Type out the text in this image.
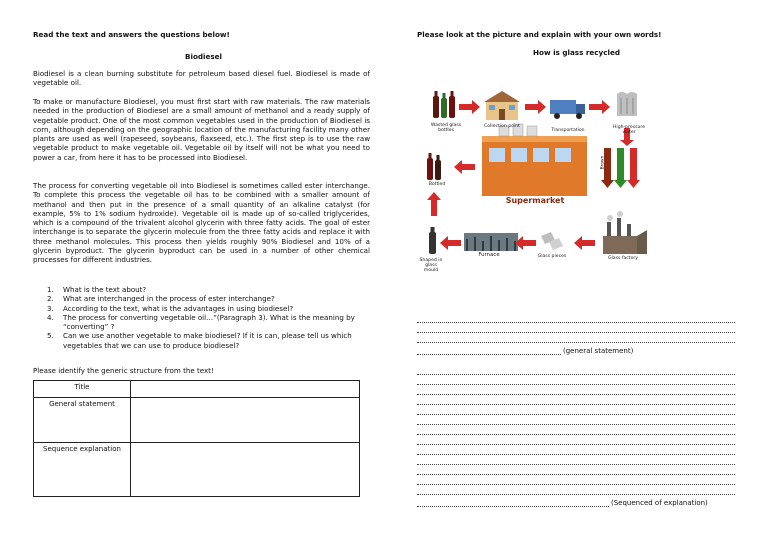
Read the text and answers the questions below!
Biodiesel

Biodiesel is a clean burning substitute for petroleum based diesel fuel. Biodiesel is made of vegetable oil.

To make or manufacture Biodiesel, you must first start with raw materials. The raw materials needed in the production of Biodiesel are a small amount of methanol and a ready supply of vegetable product. One of the most common vegetables used in the production of Biodiesel is corn, although depending on the geographic location of the manufacturing facility many other plants are used as well (rapeseed, soybeans, flaxseed, etc.). The first step is to use the raw vegetable product to make vegetable oil. Vegetable oil by itself will not be what you need to power a car, from here it has to be processed into Biodiesel.

The process for converting vegetable oil into Biodiesel is sometimes called ester interchange. To complete this process the vegetable oil has to be combined with a smaller amount of methanol and then put in the presence of a small quantity of an alkaline catalyst (for example, 5% to 1% sodium hydroxide). Vegetable oil is made up of so-called triglycerides, which is a compound of the trivalent alcohol glycerin with three fatty acids. The goal of ester interchange is to separate the glycerin molecule from the three fatty acids and replace it with three methanol molecules. This process then yields roughly 90% Biodiesel and 10% of a glycerin byproduct. The glycerin byproduct can be used in a number of other chemical processes for different industries.

1.	What is the text about?
2.	What are interchanged in the process of ester interchange?
3.	According to the text, what is the advantages in using biodiesel?
4.	The process for converting vegetable oil…”(Paragraph 3). What is the meaning by “converting” ?
5.	Can we use another vegetable to make biodiesel? If it is can, please tell us which vegetables that we can use to produce biodiesel?

Please identify the generic structure from the text!

Title	
General statement	
Sequence explanation	
Please look at the picture and explain with your own words!
How is glass recycled
Wasted glass bottles
Collection point
Transportation
High-pressure water
Brown Green Clear
Bottled
Supermarket
Shaped in glass mould
Furnace	Glass pieces	Glass factory
(general statement)
(Sequenced of explanation)
